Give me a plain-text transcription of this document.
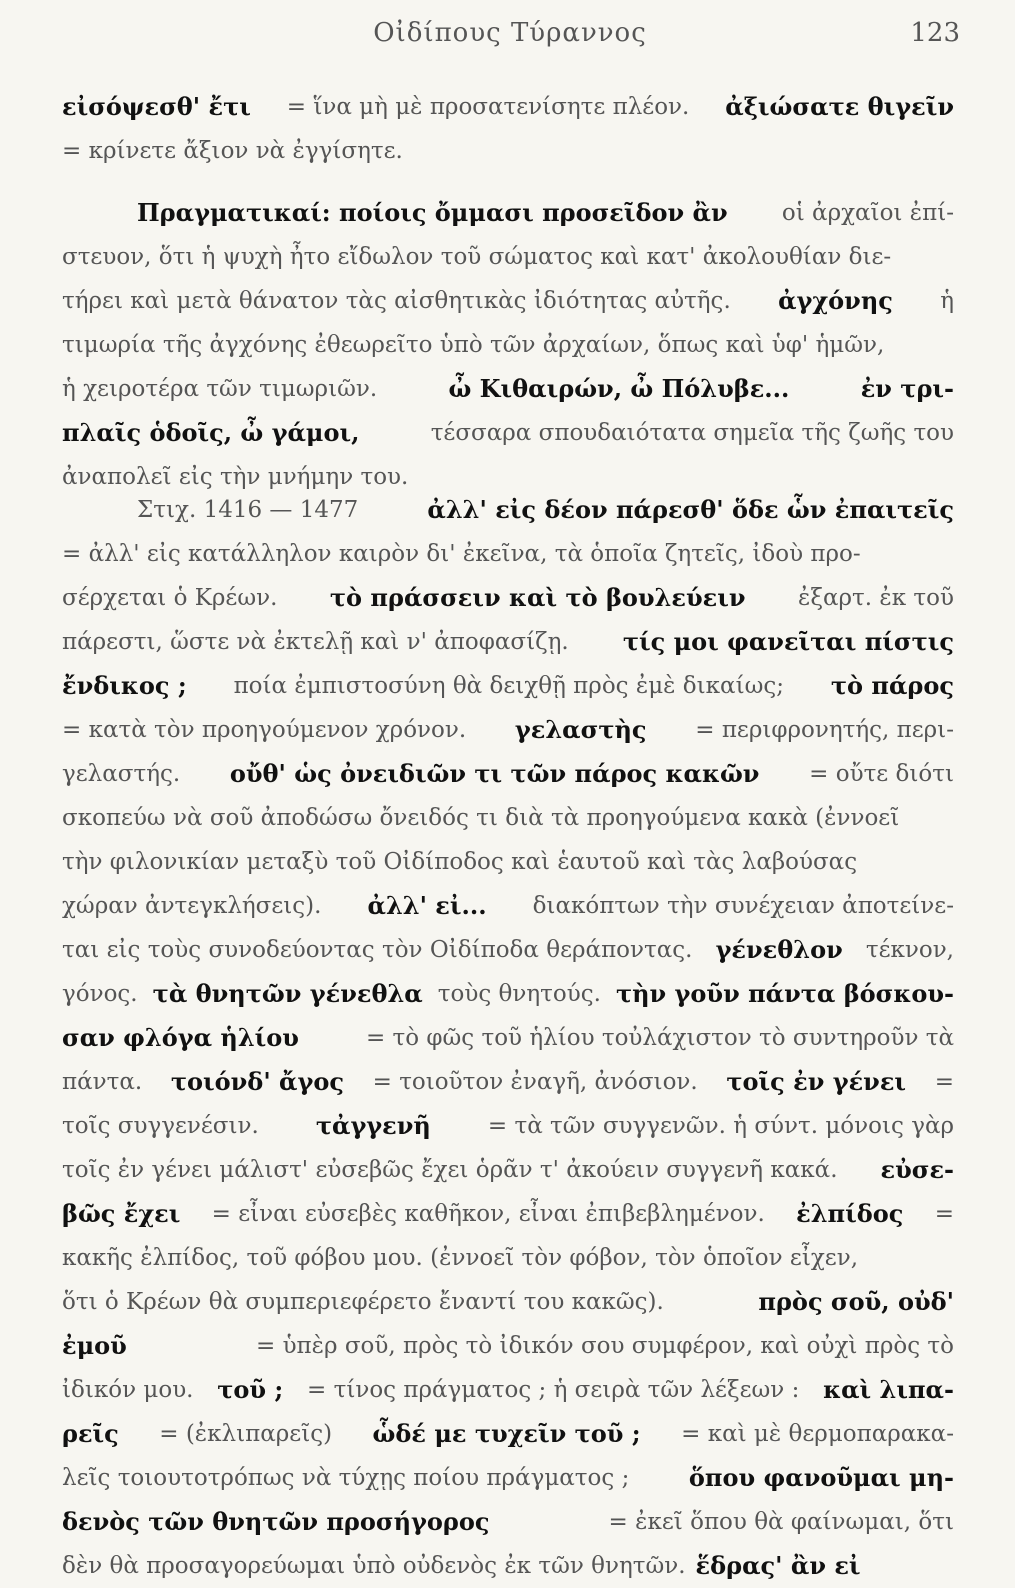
Οἰδίπους Τύραννος	123
εἰσόψεσθ' ἔτι = ἵνα μὴ μὲ προσατενίσητε πλέον. ἀξιώσατε θιγεῖν
= κρίνετε ἄξιον νὰ ἐγγίσητε.
Πραγματικαί: ποίοις ὄμμασι προσεῖδον ἂν οἱ ἀρχαῖοι ἐπί-
στευον, ὅτι ἡ ψυχὴ ἦτο εἴδωλον τοῦ σώματος καὶ κατ' ἀκολουθίαν διε-
τήρει καὶ μετὰ θάνατον τὰς αἰσθητικὰς ἰδιότητας αὐτῆς. ἀγχόνης ἡ
τιμωρία τῆς ἀγχόνης ἐθεωρεῖτο ὑπὸ τῶν ἀρχαίων, ὅπως καὶ ὑφ' ἡμῶν,
ἡ χειροτέρα τῶν τιμωριῶν.	ὦ Κιθαιρών, ὦ Πόλυβε...	ἐν τρι-
πλαῖς ὁδοῖς, ὦ γάμοι,	τέσσαρα σπουδαιότατα σημεῖα τῆς ζωῆς του
ἀναπολεῖ εἰς τὴν μνήμην του.
Στιχ. 1416 — 1477	ἀλλ' εἰς δέον πάρεσθ' ὅδε ὧν ἐπαιτεῖς
= ἀλλ' εἰς κατάλληλον καιρὸν δι' ἐκεῖνα, τὰ ὁποῖα ζητεῖς, ἰδοὺ προ-
σέρχεται ὁ Κρέων. τὸ πράσσειν καὶ τὸ βουλεύειν ἐξαρτ. ἐκ τοῦ
πάρεστι, ὥστε νὰ ἐκτελῇ καὶ ν' ἀποφασίζῃ. τίς μοι φανεῖται πίστις
ἔνδικος ; ποία ἐμπιστοσύνη θὰ δειχθῇ πρὸς ἐμὲ δικαίως; τὸ πάρος
= κατὰ τὸν προηγούμενον χρόνον. γελαστὴς = περιφρονητής, περι-
γελαστής. οὔθ' ὡς ὀνειδιῶν τι τῶν πάρος κακῶν = οὔτε διότι
σκοπεύω νὰ σοῦ ἀποδώσω ὄνειδός τι διὰ τὰ προηγούμενα κακὰ (ἐννοεῖ
τὴν φιλονικίαν μεταξὺ τοῦ Οἰδίποδος καὶ ἑαυτοῦ καὶ τὰς λαβούσας
χώραν ἀντεγκλήσεις). ἀλλ' εἰ... διακόπτων τὴν συνέχειαν ἀποτείνε-
ται εἰς τοὺς συνοδεύοντας τὸν Οἰδίποδα θεράποντας. γένεθλον τέκνον,
γόνος. τὰ θνητῶν γένεθλα τοὺς θνητούς. τὴν γοῦν πάντα βόσκου-
σαν φλόγα ἡλίου	= τὸ φῶς τοῦ ἡλίου τοὐλάχιστον τὸ συντηροῦν τὰ
πάντα. τοιόνδ' ἄγος = τοιοῦτον ἐναγῆ, ἀνόσιον. τοῖς ἐν γένει =
τοῖς συγγενέσιν. τἀγγενῆ = τὰ τῶν συγγενῶν. ἡ σύντ. μόνοις γὰρ
τοῖς ἐν γένει μάλιστ' εὐσεβῶς ἔχει ὁρᾶν τ' ἀκούειν συγγενῆ κακά. εὐσε-
βῶς ἔχει = εἶναι εὐσεβὲς καθῆκον, εἶναι ἐπιβεβλημένον. ἐλπίδος =
κακῆς ἐλπίδος, τοῦ φόβου μου. (ἐννοεῖ τὸν φόβον, τὸν ὁποῖον εἶχεν,
ὅτι ὁ Κρέων θὰ συμπεριεφέρετο ἔναντί του κακῶς).	πρὸς σοῦ, οὐδ'
ἐμοῦ	= ὑπὲρ σοῦ, πρὸς τὸ ἰδικόν σου συμφέρον, καὶ οὐχὶ πρὸς τὸ
ἰδικόν μου. τοῦ ; = τίνος πράγματος ; ἡ σειρὰ τῶν λέξεων : καὶ λιπα-
ρεῖς = (ἐκλιπαρεῖς) ὧδέ με τυχεῖν τοῦ ; = καὶ μὲ θερμοπαρακα-
λεῖς τοιουτοτρόπως νὰ τύχῃς ποίου πράγματος ; ὅπου φανοῦμαι μη-
δενὸς τῶν θνητῶν προσήγορος	= ἐκεῖ ὅπου θὰ φαίνωμαι, ὅτι
δὲν θὰ προσαγορεύωμαι ὑπὸ οὐδενὸς ἐκ τῶν θνητῶν. ἕδρας' ἂν εἰ
